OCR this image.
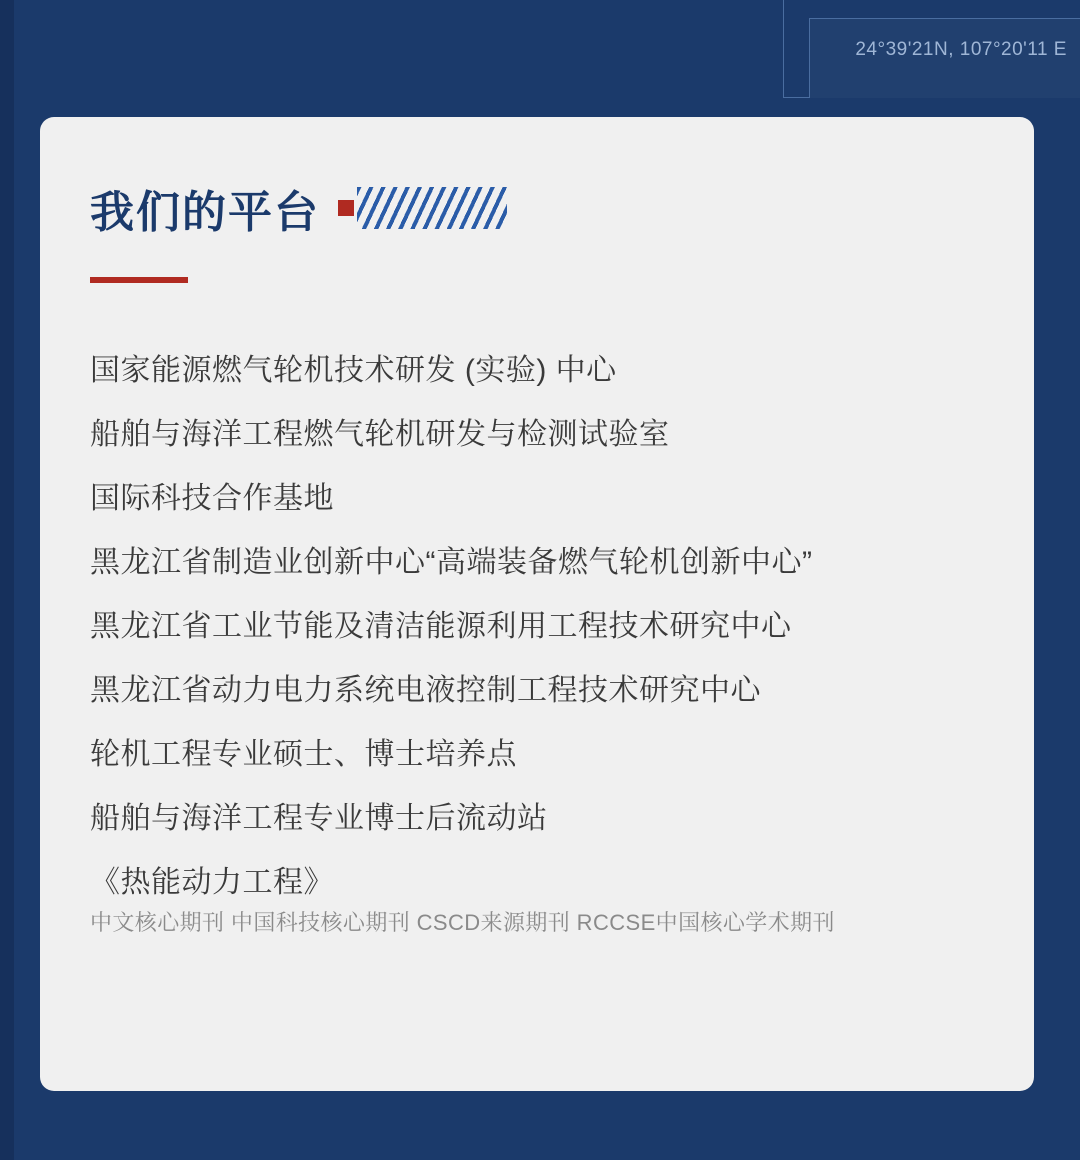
24°39'21N, 107°20'11 E
我们的平台
国家能源燃气轮机技术研发 (实验) 中心
船舶与海洋工程燃气轮机研发与检测试验室
国际科技合作基地
黑龙江省制造业创新中心“高端装备燃气轮机创新中心”
黑龙江省工业节能及清洁能源利用工程技术研究中心
黑龙江省动力电力系统电液控制工程技术研究中心
轮机工程专业硕士、博士培养点
船舶与海洋工程专业博士后流动站
《热能动力工程》
中文核心期刊 中国科技核心期刊 CSCD来源期刊 RCCSE中国核心学术期刊
